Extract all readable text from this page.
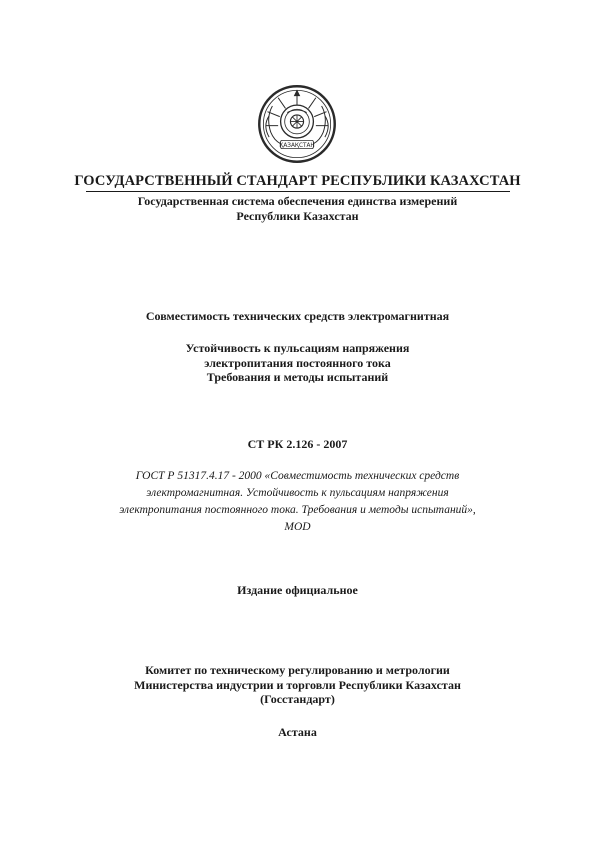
ҚАЗАҚСТАН
ГОСУДАРСТВЕННЫЙ СТАНДАРТ РЕСПУБЛИКИ КАЗАХСТАН
Государственная система обеспечения единства измерений
Республики Казахстан
Совместимость технических средств электромагнитная
Устойчивость к пульсациям напряжения
электропитания постоянного тока
Требования и методы испытаний
СТ РК 2.126 - 2007
ГОСТ Р 51317.4.17 - 2000 «Совместимость технических средств
электромагнитная. Устойчивость к пульсациям напряжения
электропитания постоянного тока. Требования и методы испытаний»,
MOD
Издание официальное
Комитет по техническому регулированию и метрологии
Министерства индустрии и торговли Республики Казахстан
(Госстандарт)
Астана
